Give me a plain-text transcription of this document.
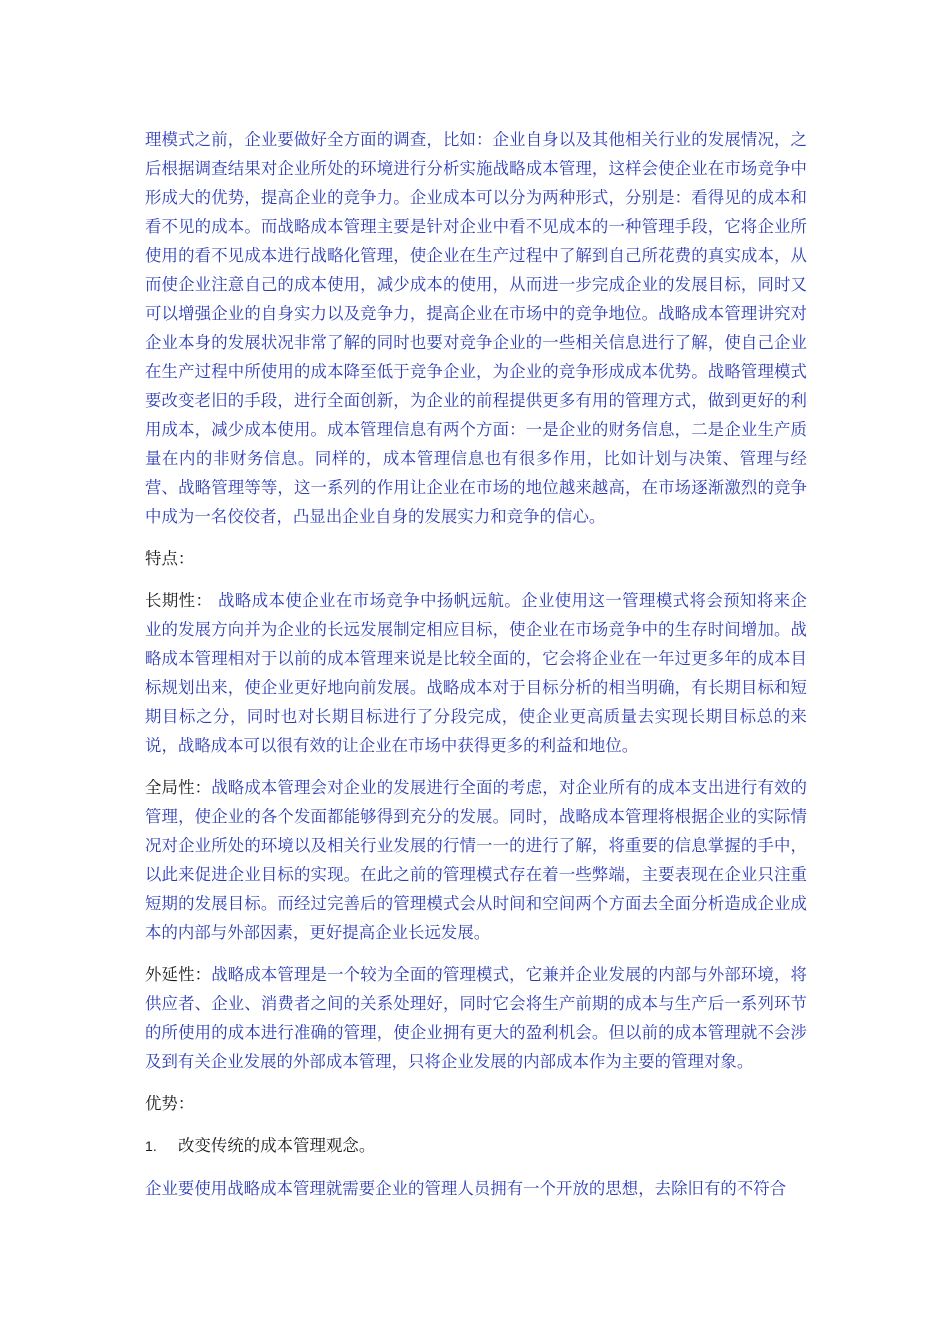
理模式之前，企业要做好全方面的调查，比如：企业自身以及其他相关行业的发展情况，之后根据调查结果对企业所处的环境进行分析实施战略成本管理，这样会使企业在市场竞争中形成大的优势，提高企业的竞争力。企业成本可以分为两种形式，分别是：看得见的成本和看不见的成本。而战略成本管理主要是针对企业中看不见成本的一种管理手段，它将企业所使用的看不见成本进行战略化管理，使企业在生产过程中了解到自己所花费的真实成本，从而使企业注意自己的成本使用，减少成本的使用，从而进一步完成企业的发展目标，同时又可以增强企业的自身实力以及竞争力，提高企业在市场中的竞争地位。战略成本管理讲究对企业本身的发展状况非常了解的同时也要对竞争企业的一些相关信息进行了解，使自己企业在生产过程中所使用的成本降至低于竞争企业，为企业的竞争形成成本优势。战略管理模式要改变老旧的手段，进行全面创新，为企业的前程提供更多有用的管理方式，做到更好的利用成本，减少成本使用。成本管理信息有两个方面：一是企业的财务信息，二是企业生产质量在内的非财务信息。同样的，成本管理信息也有很多作用，比如计划与决策、管理与经营、战略管理等等，这一系列的作用让企业在市场的地位越来越高，在市场逐渐激烈的竞争中成为一名佼佼者，凸显出企业自身的发展实力和竞争的信心。

特点：

长期性： 战略成本使企业在市场竞争中扬帆远航。企业使用这一管理模式将会预知将来企业的发展方向并为企业的长远发展制定相应目标，使企业在市场竞争中的生存时间增加。战略成本管理相对于以前的成本管理来说是比较全面的，它会将企业在一年过更多年的成本目标规划出来，使企业更好地向前发展。战略成本对于目标分析的相当明确，有长期目标和短期目标之分，同时也对长期目标进行了分段完成，使企业更高质量去实现长期目标总的来说，战略成本可以很有效的让企业在市场中获得更多的利益和地位。

全局性：战略成本管理会对企业的发展进行全面的考虑，对企业所有的成本支出进行有效的管理，使企业的各个发面都能够得到充分的发展。同时，战略成本管理将根据企业的实际情况对企业所处的环境以及相关行业发展的行情一一的进行了解，将重要的信息掌握的手中，以此来促进企业目标的实现。在此之前的管理模式存在着一些弊端，主要表现在企业只注重短期的发展目标。而经过完善后的管理模式会从时间和空间两个方面去全面分析造成企业成本的内部与外部因素，更好提高企业长远发展。

外延性：战略成本管理是一个较为全面的管理模式，它兼并企业发展的内部与外部环境，将供应者、企业、消费者之间的关系处理好，同时它会将生产前期的成本与生产后一系列环节的所使用的成本进行准确的管理，使企业拥有更大的盈利机会。但以前的成本管理就不会涉及到有关企业发展的外部成本管理，只将企业发展的内部成本作为主要的管理对象。

优势：

1.	改变传统的成本管理观念。

企业要使用战略成本管理就需要企业的管理人员拥有一个开放的思想，去除旧有的不符合
